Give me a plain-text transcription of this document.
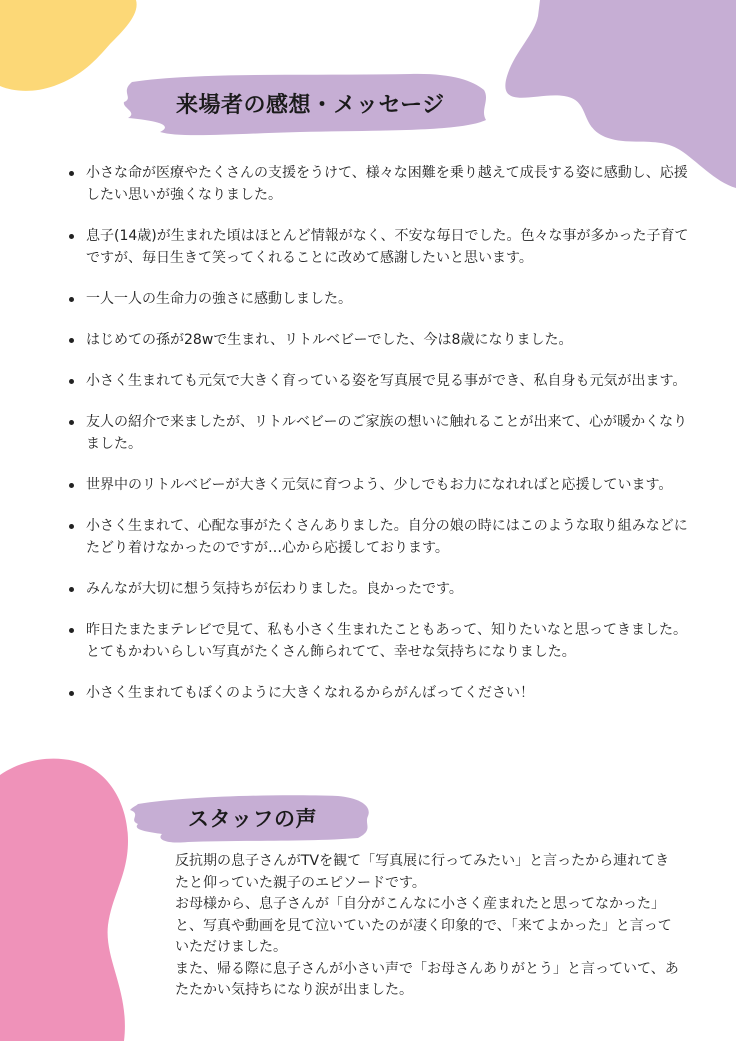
来場者の感想・メッセージ
小さな命が医療やたくさんの支援をうけて、様々な困難を乗り越えて成長する姿に感動し、応援したい思いが強くなりました。
息子(14歳)が生まれた頃はほとんど情報がなく、不安な毎日でした。色々な事が多かった子育てですが、毎日生きて笑ってくれることに改めて感謝したいと思います。
一人一人の生命力の強さに感動しました。
はじめての孫が28wで生まれ、リトルベビーでした、今は8歳になりました。
小さく生まれても元気で大きく育っている姿を写真展で見る事ができ、私自身も元気が出ます。
友人の紹介で来ましたが、リトルベビーのご家族の想いに触れることが出来て、心が暖かくなりました。
世界中のリトルベビーが大きく元気に育つよう、少しでもお力になれればと応援しています。
小さく生まれて、心配な事がたくさんありました。自分の娘の時にはこのような取り組みなどにたどり着けなかったのですが…心から応援しております。
みんなが大切に想う気持ちが伝わりました。良かったです。
昨日たまたまテレビで見て、私も小さく生まれたこともあって、知りたいなと思ってきました。とてもかわいらしい写真がたくさん飾られてて、幸せな気持ちになりました。
小さく生まれてもぼくのように大きくなれるからがんばってください！
スタッフの声

反抗期の息子さんがTVを観て「写真展に行ってみたい」と言ったから連れてきたと仰っていた親子のエピソードです。

お母様から、息子さんが「自分がこんなに小さく産まれたと思ってなかった」と、写真や動画を見て泣いていたのが凄く印象的で、「来てよかった」と言っていただけました。

また、帰る際に息子さんが小さい声で「お母さんありがとう」と言っていて、あたたかい気持ちになり涙が出ました。
